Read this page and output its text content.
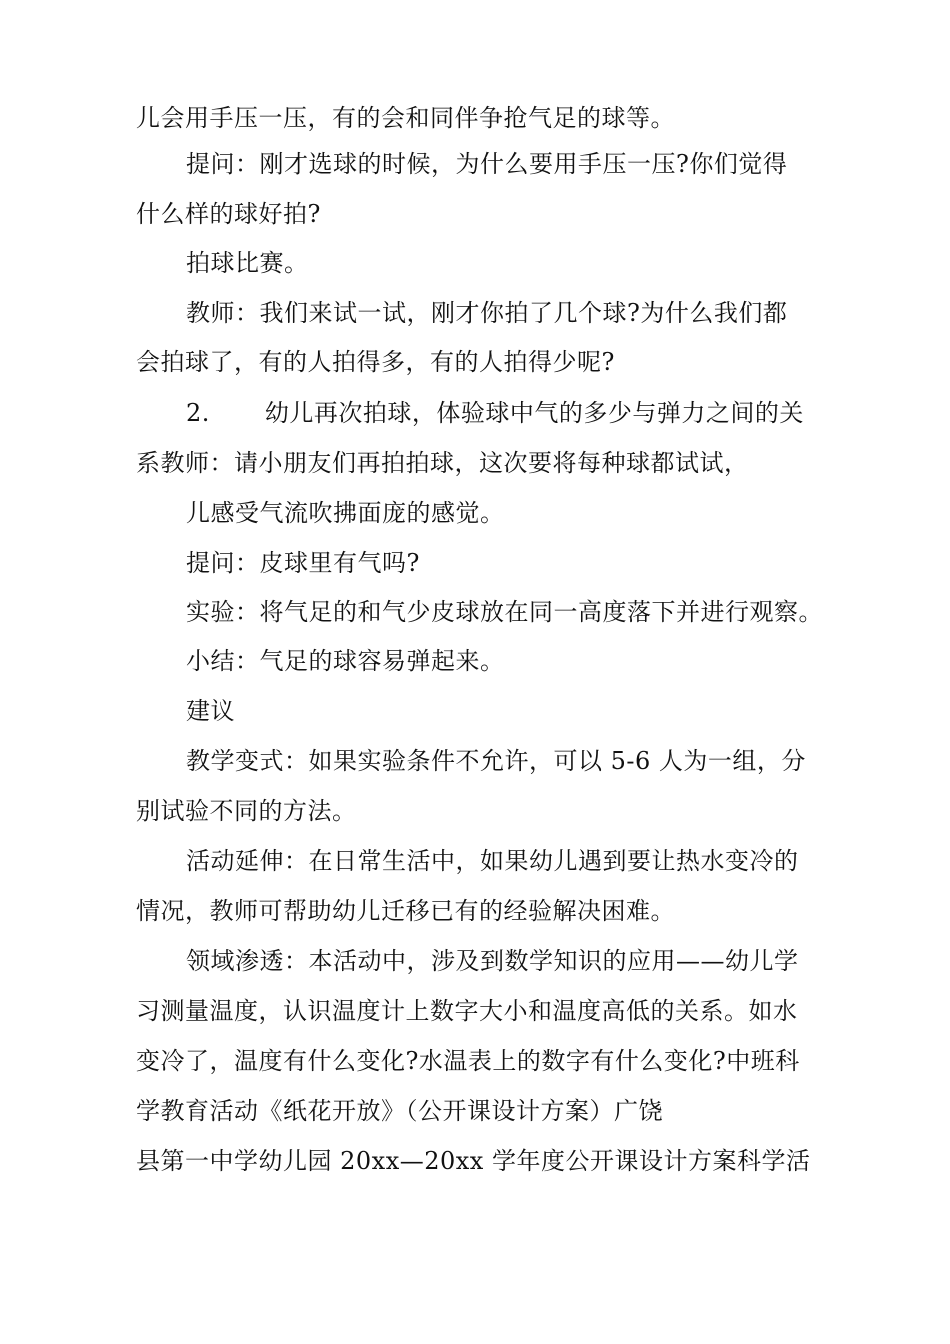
儿会用手压一压，有的会和同伴争抢气足的球等。
提问：刚才选球的时候，为什么要用手压一压?你们觉得
什么样的球好拍?
拍球比赛。
教师：我们来试一试，刚才你拍了几个球?为什么我们都
会拍球了，有的人拍得多，有的人拍得少呢?
2. 幼儿再次拍球，体验球中气的多少与弹力之间的关
系教师：请小朋友们再拍拍球，这次要将每种球都试试，
儿感受气流吹拂面庞的感觉。
提问：皮球里有气吗?
实验：将气足的和气少皮球放在同一高度落下并进行观察。
小结：气足的球容易弹起来。
建议
教学变式：如果实验条件不允许，可以 5-6 人为一组，分
别试验不同的方法。
活动延伸：在日常生活中，如果幼儿遇到要让热水变冷的
情况，教师可帮助幼儿迁移已有的经验解决困难。
领域渗透：本活动中，涉及到数学知识的应用——幼儿学
习测量温度，认识温度计上数字大小和温度高低的关系。如水
变冷了，温度有什么变化?水温表上的数字有什么变化?中班科
学教育活动《纸花开放》（公开课设计方案）广饶
县第一中学幼儿园 20xx—20xx 学年度公开课设计方案科学活
